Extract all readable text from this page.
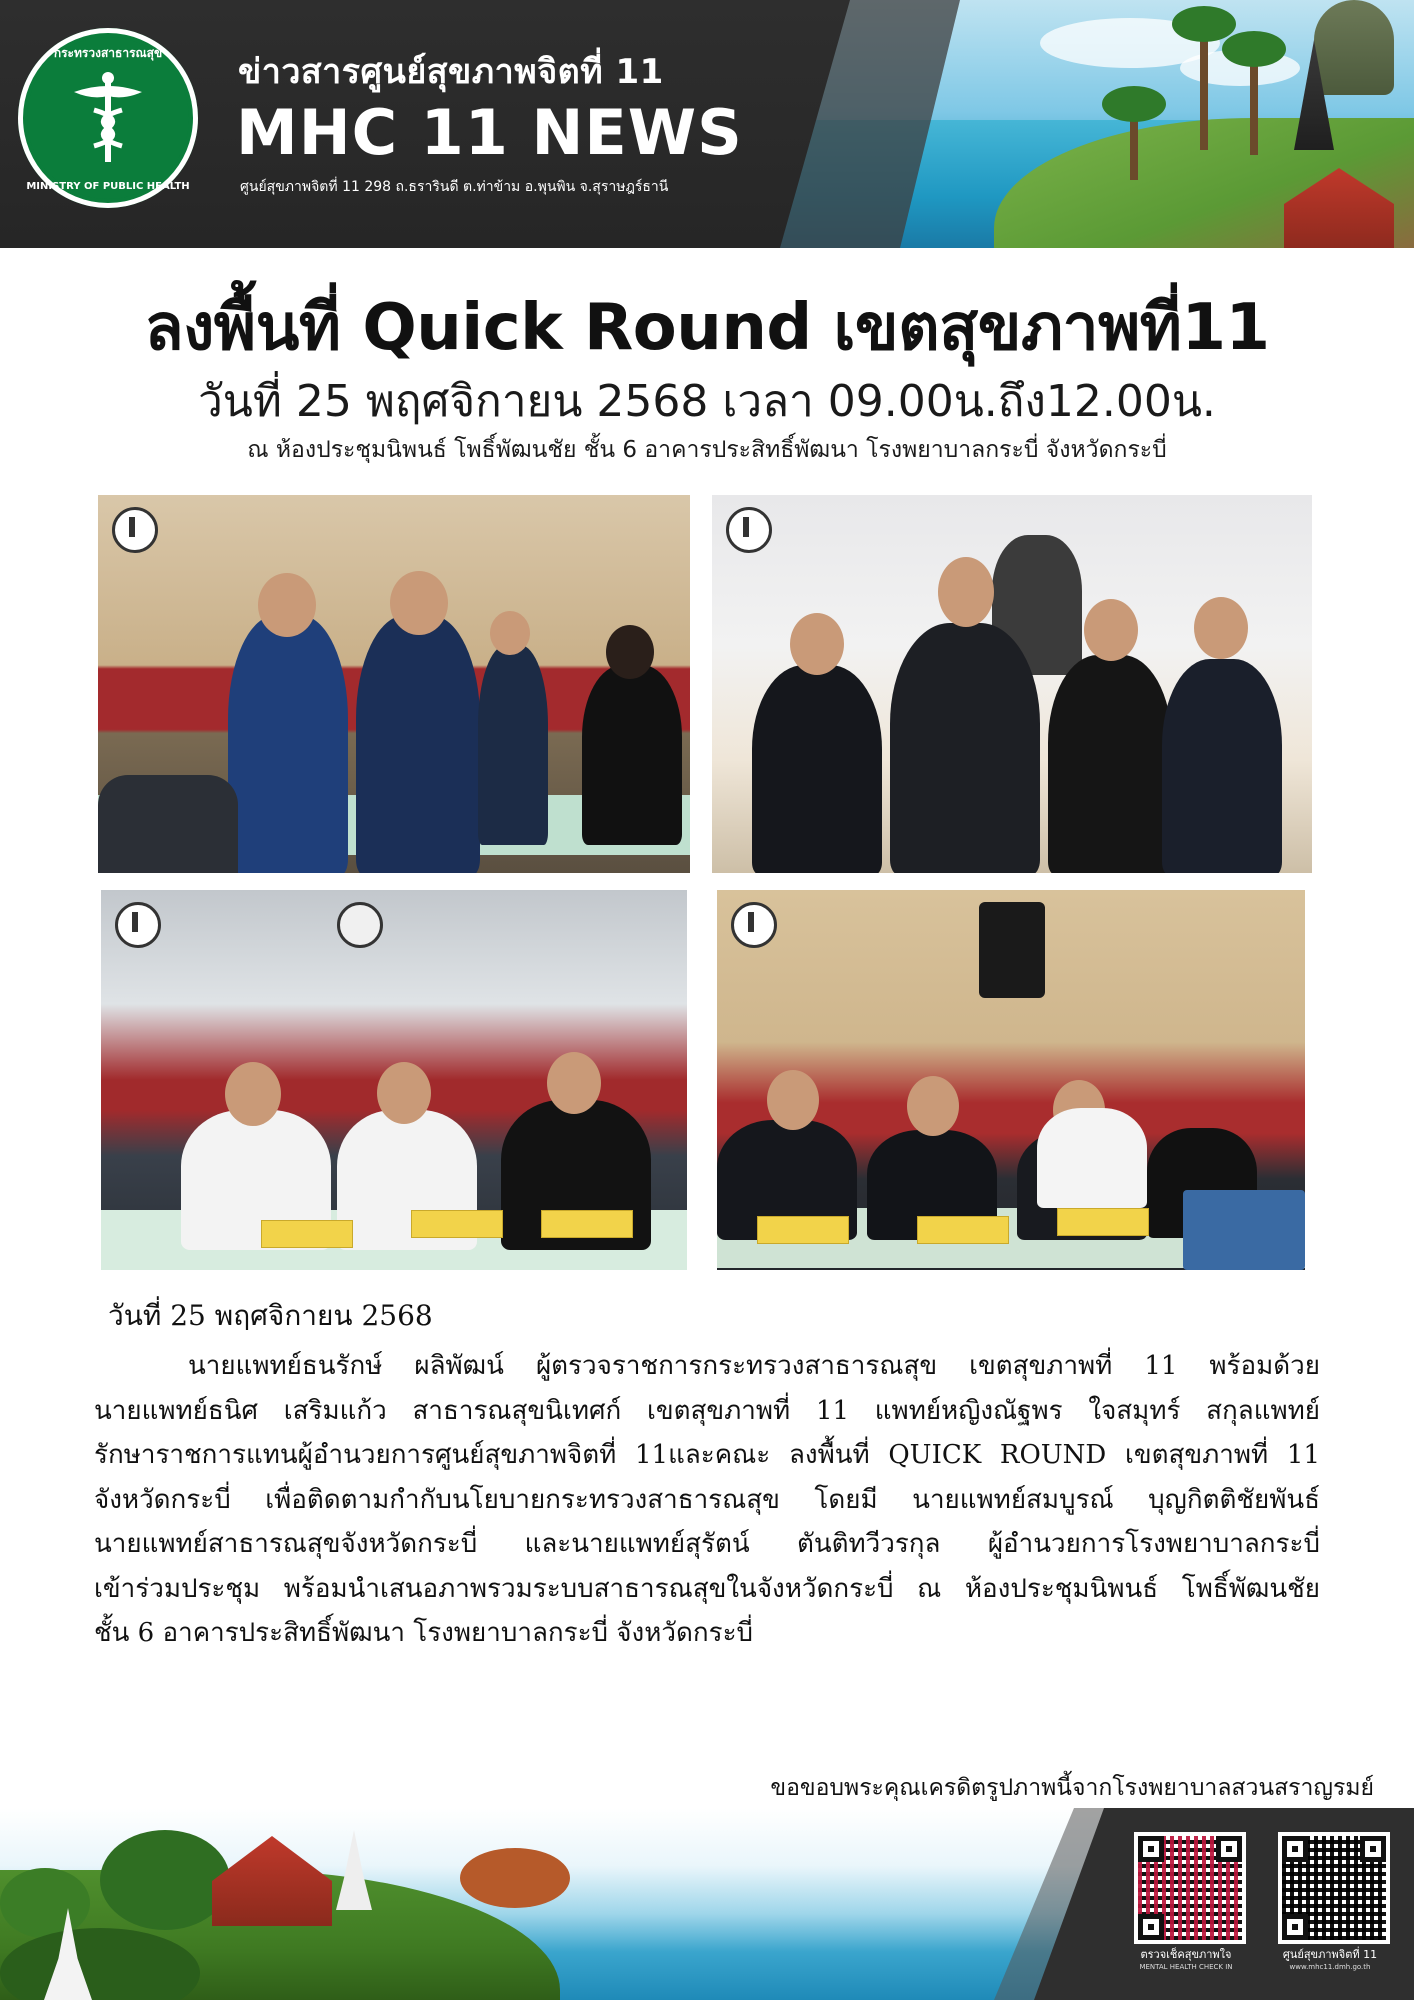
กระทรวงสาธารณสุข
MINISTRY OF PUBLIC HEALTH
ข่าวสารศูนย์สุขภาพจิตที่ 11
MHC 11 NEWS
ศูนย์สุขภาพจิตที่ 11 298 ถ.ธรารินดี ต.ท่าข้าม อ.พุนพิน จ.สุราษฎร์ธานี
ลงพื้นที่ Quick Round เขตสุขภาพที่11
วันที่ 25 พฤศจิกายน 2568 เวลา 09.00น.ถึง12.00น.
ณ ห้องประชุมนิพนธ์ โพธิ์พัฒนชัย ชั้น 6 อาคารประสิทธิ์พัฒนา โรงพยาบาลกระบี่ จังหวัดกระบี่
วันที่ 25 พฤศจิกายน 2568
นายแพทย์ธนรักษ์ ผลิพัฒน์ ผู้ตรวจราชการกระทรวงสาธารณสุข เขตสุขภาพที่ 11 พร้อมด้วย
นายแพทย์ธนิศ เสริมแก้ว สาธารณสุขนิเทศก์ เขตสุขภาพที่ 11 แพทย์หญิงณัฐพร ใจสมุทร์ สกุลแพทย์
รักษาราชการแทนผู้อำนวยการศูนย์สุขภาพจิตที่ 11และคณะ ลงพื้นที่ QUICK ROUND เขตสุขภาพที่ 11
จังหวัดกระบี่ เพื่อติดตามกำกับนโยบายกระทรวงสาธารณสุข โดยมี นายแพทย์สมบูรณ์ บุญกิตติชัยพันธ์
นายแพทย์สาธารณสุขจังหวัดกระบี่ และนายแพทย์สุรัตน์ ตันติทวีวรกุล ผู้อำนวยการโรงพยาบาลกระบี่
เข้าร่วมประชุม พร้อมนำเสนอภาพรวมระบบสาธารณสุขในจังหวัดกระบี่ ณ ห้องประชุมนิพนธ์ โพธิ์พัฒนชัย
ชั้น 6 อาคารประสิทธิ์พัฒนา โรงพยาบาลกระบี่ จังหวัดกระบี่
ขอขอบพระคุณเครดิตรูปภาพนี้จากโรงพยาบาลสวนสราญรมย์
ตรวจเช็คสุขภาพใจ
MENTAL HEALTH CHECK IN
ศูนย์สุขภาพจิตที่ 11
www.mhc11.dmh.go.th
